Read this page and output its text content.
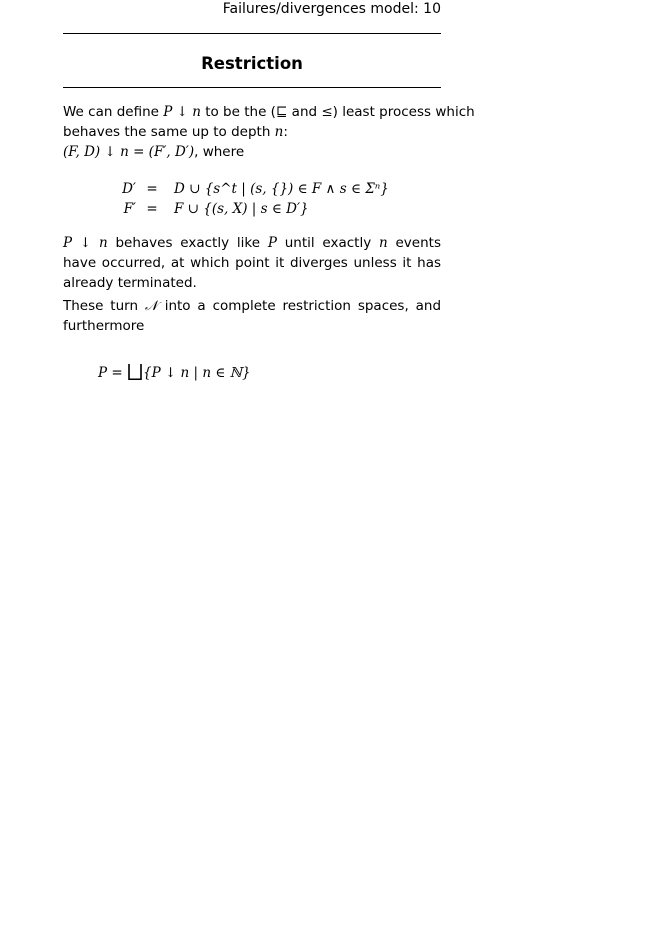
Failures/divergences model: 10
Restriction
We can define P ↓ n to be the (⊑ and ≤) least process which
behaves the same up to depth n:
(F, D) ↓ n = (F′, D′), where
D′ =	D ∪ {s^t | (s, {}) ∈ F ∧ s ∈ Σⁿ}
F′ =	F ∪ {(s, X) | s ∈ D′}
P ↓ n behaves exactly like P until exactly n events have occurred, at which point it diverges unless it has already terminated.
These turn 𝒩 into a complete restriction spaces, and furthermore
P = ⨆{P ↓ n | n ∈ ℕ}
